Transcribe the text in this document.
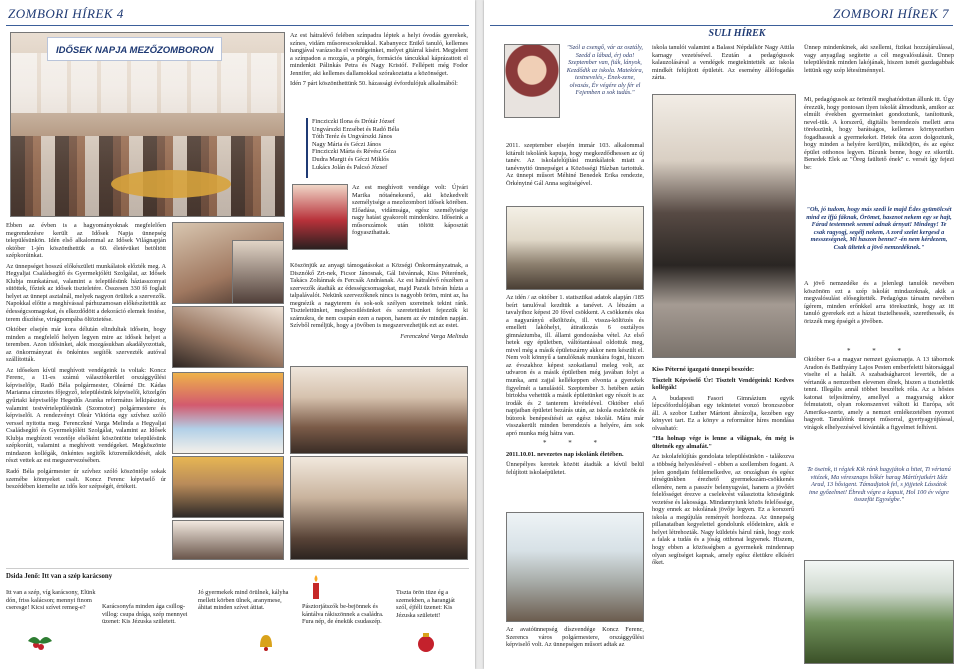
ZOMBORI HÍREK 4
IDŐSEK NAPJA MEZŐZOMBORON

Ebben az évben is a hagyományoknak megfelelően megrendezésre került az Idősek Napja ünnepség településünkön. Idén első alkalommal az Idősek Világnapján október 1-jén köszönthettük a 60. életévüket betöltött szépkorúinkat.

Az ünnepséget hosszú előkészületi munkálatok előzték meg. A Hegyaljai Családsegítő és Gyermekjóléti Szolgálat, az Idősek Klubja munkatársai, valamint a településünk háziasszonyai sütöttek, főztek az idősek tiszteletére. Összesen 330 fő foglalt helyet az ünnepi asztalnál, melyek nagyon örültek a szervezők. Napokkal előtte a meghívással párhuzamosan előkészítettük az édességcsomagokat, és elkezdődött a dekoráció elemek festése, terem díszítése, virágpompába öltöztetése.

Október elsején már kora délután elindultak idősein, hogy minden a megfelelő helyen legyen mire az idősek helyet a teremben. Azon idősinket, akik mozgásukban akadályozottak, az önkormányzat és önkéntes segítők szervezték autóval szállították.

Az időseken kívül meghívott vendégeink is voltak: Koncz Ferenc, a 11-es számú választókerület országgyűlési képviselője, Radó Béla polgármester, Oleárné Dr. Kádas Marianna címzetes főjegyző, településünk képviselői, közelgőn gyűrtaki képviselője Hegedűs Aranka református lelkipásztor, valamint testvértelepülésünk (Szomotor) polgármestere és képviselői. A rendezvényt Oleár Viktória egy szívhez szóló verssel nyitotta meg. Ferenczkné Varga Melinda a Hegyaljai Családsegítő és Gyermekjóléti Szolgálat, valamint az Idősek Klubja megbízott vezetője elsőként köszöntötte településünk szépkorúit, valamint a meghívott vendégeket. Megköszönte mindazon kollégák, önkéntes segítők közreműködését, akik részt vettek az est megszervezésében.

Radó Béla polgármester úr szívhez szóló köszöntője sokak szemébe könnyeket csalt. Koncz Ferenc képviselő úr beszédében kiemelte az idős kor szépségét, értékeit.

Az est hátralévő felében színpadra léptek a helyi óvodás gyerekek, színes, vidám műsorescsokrukkal. Kabanyecz Enikő tanuló, kellemes hangjával varázsolta el vendégeinket, melyet gitárral kísért. Megjelent a színpadon a mozgás, a pörgés, formációs táncukkal káprázattott el mindenkit Pálinkás Petra és Nagy Kristóf. Fellépett még Fodor Jennifer, aki kellemes dallamokkal szórakoztatta a közönséget.

Idén 7 párt köszönthettünk 50. házassági évfordulójuk alkalmából:

Fincziczki Ilona és Drótár József
Ungvárszki Erzsébet és Radó Béla
Tóth Teréz és Ungvárszki János
Nagy Mária és Géczi János
Fincziczki Márta és Révész Géza
Dudra Margit és Géczi Miklós
Lukács Jolán és Palcsó József

Az est meghívott vendége volt: Újvári Marika nótaénekesnő, aki közkedvelt személyisége a mezőzombori idősek körében. Előadása, vidámsága, egész személyisége nagy hatást gyakorolt mindenkire. Időseink a műsorszámok után töltött káposztát fogyaszthattak.

Köszönjük az anyagi támogatásokat a Községi Önkormányzatnak, a Disznókő Zrt-nek, Ficsor Jánosnak, Gál Istvánnak, Kiss Péterének, Takács Zoltánnak és Fercsák Andrásnak. Az est hátralévő részében a szervezők átadták az édességcsomagokat, majd Pazsik István húzta a talpalávalót. Nekünk szervezőknek nincs is nagyobb öröm, mint az, ha megnézik a nagyterem és sok-sok szélyen szeretnek tekint ránk. Tisztelettünket, megbecsülésünket és szeretetünket fejezzük ki számukra, de nem csupán ezen a napon, hanem az év minden napján. Szívből reméljük, hogy a jövőben is megszervezhetjük ezt az estet.

Ferenczkné Varga Melinda

Dsida Jenő: Itt van a szép karácsony
Itt van a szép, víg karácsony, Elünk dón, friss kalácson; mennyi finom cseresge! Kicsi szívet remeg-e?	Karácsonyfa minden ága csillog-villog: csupa drága, szép mennyei üzenet: Kis Jézuska született.
Jó gyermekek mind örülnek, kályha mellett körben ülnek, aranymese, áhitat minden szívet átitat.	Pásztorjátszók be-bejönnek és kántálva rákiszönnek a családra. Fura nép, de énekük csudaszép.
Tiszta örön tüze ég a szemekben, a harangját szól, éjféli üzenet: Kis Jézuska született!
ZOMBORI HÍREK 7
SULI HÍREK
"Szól a csengő, vár az osztály, Szedd a lábad, érj oda! Szeptember van, fiúk, lányok, Kezdődik az iskola. Matekóra, testnevelés,- Ének-zene, olvasás, Év végére aly fér el Fejemben a sok tudás."

2011. szeptember elsején immár 103. alkalommal kitárult iskolánk kapuja, hogy megkezdődhessen az új tanév. Az iskolafelújítási munkálatok miatt a tanévnyitó ünnepséget a Közösségi Házban tartottuk. Az ünnepi műsort Méhiné Benedek Erika rendezte, Örkényiné Gál Anna segítségével.

Az idén / az október 1. statisztikai adatok alapján /185 beírt tanulóval kezdtük a tanévet. A létszám a tavalyihoz képest 20 fővel csökkent. A csökkenés oka a nagyarányú elköltözés, ill. vissza-költözés és emellett lakóhelyi, átiratkozás 6 osztályos gimnáziumba, ill. állami gondozásba vétel. Az első hetek egy épületben, váltótantással oldottuk meg, mivel még a másik épületszárny akkor nem készült el. Nem volt könnyű a tanulóknak munkára fogni, hiszen az évszakhoz képest szokatlanul meleg volt, az udvaron és a másik épületben még javában folyt a munka, ami zajjal kellékeppen elvonta a gyerekek figyelmét a tanulástól. Szeptember 3. hetében aztán birtokba vehettük a másik épületünket egy részét is az irodák és 2 tanterem kivételével. Október első napjaiban épületet bezárás után, az iskola eszközök és bútorok benépesítéséi az egész iskolát. Mára már visszakerült minden berendezés a helyére, ám sok apró munka még hátra van.

* * *

2011.10.01. nevezetes nap iskolánk életében.

Ünnepélyes keretek között átadták a kívül belül felújított iskolaépületet.

Az avatóünnepség díszvendége Koncz Ferenc, Szerencs város polgármestere, országgyűlési képviselő volt. Az ünnepségen műsort adtak az

iskola tanulói valamint a Balassi Népdalkör Nagy Attila karnagy vezetésével. Ezután a pedagógusok kalauzolásával a vendégek megtekintették az iskola mindkét felújított épületét. Az esemény állófogadás zárta.

Kiss Péterné igazgató ünnepi beszéde:

Tisztelt Képviselő Úr! Tisztelt Vendégeink! Kedves kollégák!

A budapesti Fasori Gimnázium egyik lépcsőfordulójában egy tekintetet vonzó bronzszobor áll. A szobor Luther Mártont ábrázolja, kezében egy könyvet tart. Ez a könyv a reformátor híres mondása olvasható:

"Ha holnap vége is lenne a világnak, én még is ültetnék egy almafát."

Az iskolafelújítás gondolata településünkön - talákozva a többség helyeslésével - ebben a szellemben fogant. A jelen gondjain felülemelkedve, az országban és egész térségünkben érezhető gyermekszám-csökkenés ellenére, nem a passzív belenyugvást, hanem a jövőért felelősséget érezve a cselekvést választotta községünk vezetése és lakossága. Mindannyiunk közös felelőssége, hogy ennek az iskolának jövője legyen. Ez a korszerű iskola a megújulás reményét hordozza. Az ünnepség pillanataiban kegyelettel gondolunk elődeinkre, akik e helyet létrehozták. Nagy küldetés hárul ránk, hogy ezek a falak a tudás és a jóság otthonai legyenek. Hiszem, hogy ebben a közösségben a gyermekek mindennap olyan segítséget kapnak, amely egész életükre elkíséri őket.

Ünnep mindenkinek, aki szellemi, fizikai hozzájárulással, vagy anyagilag segítette a cél megvalósulását. Ünnep településünk minden lakójának, hiszen ismét gazdagabbak lettünk egy szép létesítménnyel.

Mi, pedagógusok az örömtől meghatódottan állunk itt. Úgy érezzük, hogy pontosan ilyen iskolát álmodtunk, amikor az elmúlt években gyermeinket gondoztunk, tanítottunk, nevel-tük. A korszerű, digitális berendezés mellett arra törekszünk, hogy barátságos, kellemes környezetben fogadhassuk a gyermekeket. Hetek óta azon dolgoztunk, hogy minden a helyére kerüljön, működjön, és az egész épület otthonos legyen. Bízunk benne, hogy ez sikerült. Benedek Elek az "Öreg faültető ének" c. versét így fejezi be:

"Oh, jó tudom, hogy más szedi le majd Édes gyümölcsét mind ez ifjú fáknak, Örömet, hasznot nekem egy se hajt, Fárad testemnek semmi adnak árnyat! Mindegy! Te csak ragyogj, segélj nekem, A zord szelet kergesd a messzeségnek, Mi haszon benne? -én nem kérdezem, Csak ültetek a jövő nemzedéknek."

A jövő nemzedéke és a jelenlegi tanulók nevében köszönöm ezt a szép iskolát mindazoknak, akik a megvalósulást elősegítették. Pedagógus társaim nevében ígérem, minden erőnkkel arra törekszünk, hogy az itt tanuló gyerekek ezt a házat tisztelhessék, szerethessék, és örizzék meg épségét a jövőben.

* * *

Október 6-a a magyar nemzet gyásznapja. A 13 tábornok Aradon és Batthyány Lajos Pesten emberfeletti bátorsággal viselte el a halált. A szabadságharcot leverték, de a vértanúk a nemzetben elevenen élnek, hiszen a tiszteletük tenni. Illegális annál többet beszéltek róla. Az a hősies katonai teljesítmény, amellyel a magyarság akkor felmutatott, olyan rokonszenvet váltott ki Európa, sőt Amerika-szerte, amely a nemzet emlékezetében nyomot hagyott. Tanulóink ünnepi műsorral, gyertyagyújtással, virágok elhelyezésével kívánták a figyelmet felhívni.

Te öseink, ti régiek Kik ránk hagyjátok a hitet, Ti vértanú vitézek, Ma véresznaps hőkér harag Mártírjaikért Idéz Arad, 13 hősigent. Támadjatok fel, s jöjjetek Lássátok ime győzelmet! Ébredt végre a kapuit, Hol 100 év végre összefüt Egységbe."
